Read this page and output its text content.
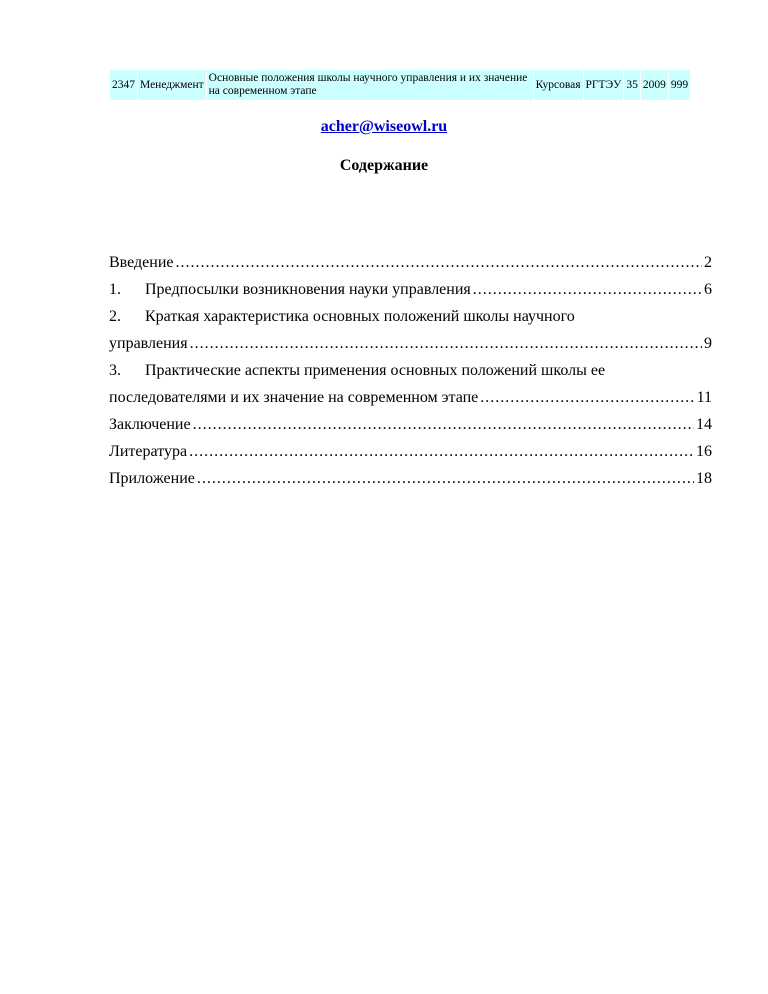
2347	Менеджмент	Основные положения школы научного управления и их значение на современном этапе	Курсовая	РГТЭУ	35	2009	999
acher@wiseowl.ru
Содержание
Введение .....	2
1. Предпосылки возникновения науки управления .....	6
2. Краткая характеристика основных положений школы научного
управления .....	9
3. Практические аспекты применения основных положений школы ее
последователями и их значение на современном этапе .....	11
Заключение .....	14
Литература .....	16
Приложение .....	18
